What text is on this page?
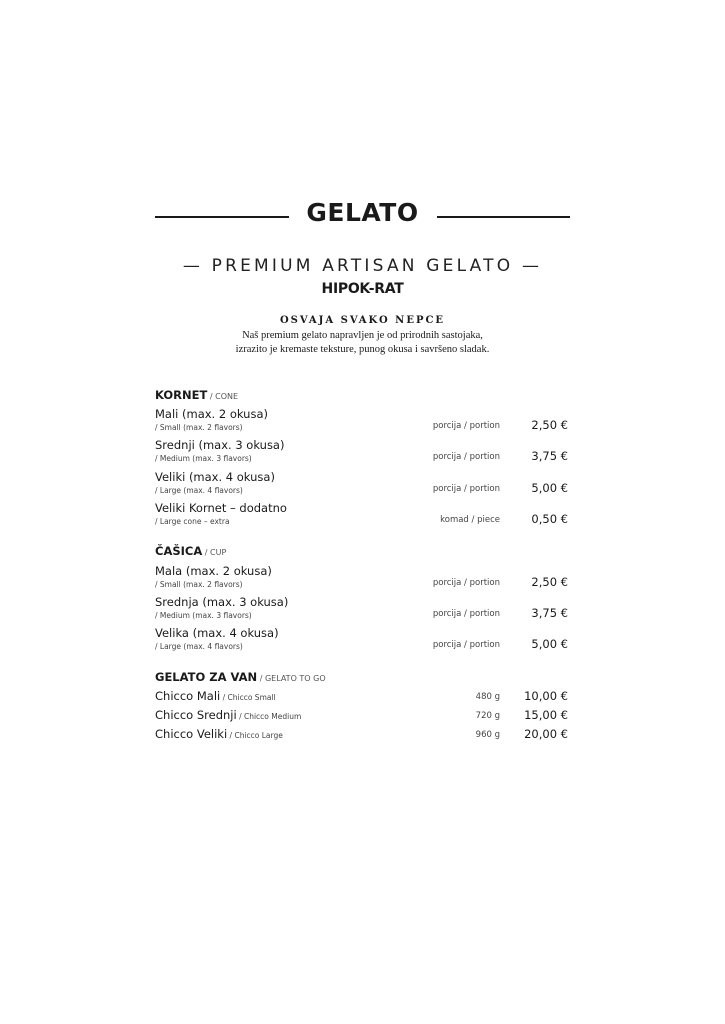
GELATO
— PREMIUM ARTISAN GELATO —
HIPOK-RAT
OSVAJA SVAKO NEPCE
Naš premium gelato napravljen je od prirodnih sastojaka,
izrazito je kremaste teksture, punog okusa i savršeno sladak.
KORNET / CONE
Mali (max. 2 okusa)
/ Small (max. 2 flavors)	porcija / portion	2,50 €
Srednji (max. 3 okusa)
/ Medium (max. 3 flavors)	porcija / portion	3,75 €
Veliki (max. 4 okusa)
/ Large (max. 4 flavors)	porcija / portion	5,00 €
Veliki Kornet – dodatno
/ Large cone – extra	komad / piece	0,50 €
ČAŠICA / CUP
Mala (max. 2 okusa)
/ Small (max. 2 flavors)	porcija / portion	2,50 €
Srednja (max. 3 okusa)
/ Medium (max. 3 flavors)	porcija / portion	3,75 €
Velika (max. 4 okusa)
/ Large (max. 4 flavors)	porcija / portion	5,00 €
GELATO ZA VAN / GELATO TO GO
Chicco Mali / Chicco Small	480 g 10,00 €
Chicco Srednji / Chicco Medium	720 g 15,00 €
Chicco Veliki / Chicco Large	960 g 20,00 €
